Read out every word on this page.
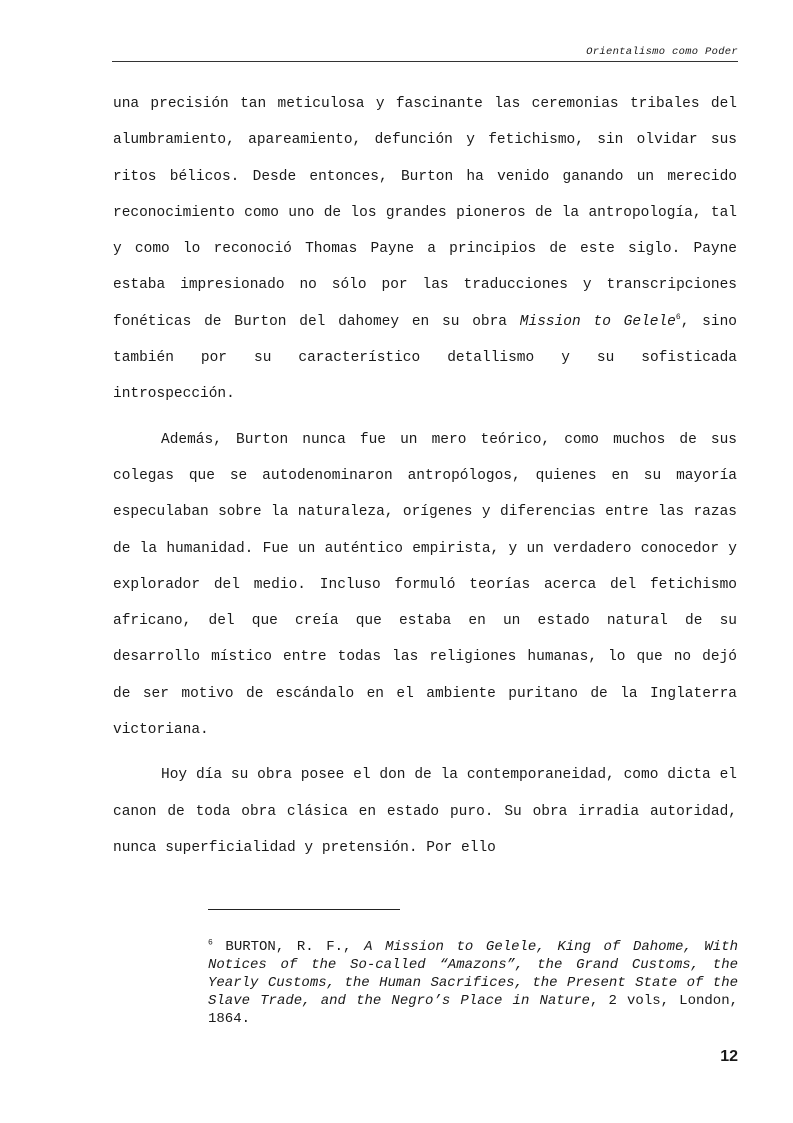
Orientalismo como Poder

una precisión tan meticulosa y fascinante las ceremonias tribales del alumbramiento, apareamiento, defunción y fetichismo, sin olvidar sus ritos bélicos. Desde entonces, Burton ha venido ganando un merecido reconocimiento como uno de los grandes pioneros de la antropología, tal y como lo reconoció Thomas Payne a principios de este siglo. Payne estaba impresionado no sólo por las traducciones y transcripciones fonéticas de Burton del dahomey en su obra Mission to Gelele$^6$, sino también por su característico detallismo y su sofisticada introspección.

Además, Burton nunca fue un mero teórico, como muchos de sus colegas que se autodenominaron antropólogos, quienes en su mayoría especulaban sobre la naturaleza, orígenes y diferencias entre las razas de la humanidad. Fue un auténtico empirista, y un verdadero conocedor y explorador del medio. Incluso formuló teorías acerca del fetichismo africano, del que creía que estaba en un estado natural de su desarrollo místico entre todas las religiones humanas, lo que no dejó de ser motivo de escándalo en el ambiente puritano de la Inglaterra victoriana.

Hoy día su obra posee el don de la contemporaneidad, como dicta el canon de toda obra clásica en estado puro. Su obra irradia autoridad, nunca superficialidad y pretensión. Por ello

$^6$ BURTON, R. F., A Mission to Gelele, King of Dahome, With Notices of the So-called “Amazons”, the Grand Customs, the Yearly Customs, the Human Sacrifices, the Present State of the Slave Trade, and the Negro’s Place in Nature, 2 vols, London, 1864.

12
